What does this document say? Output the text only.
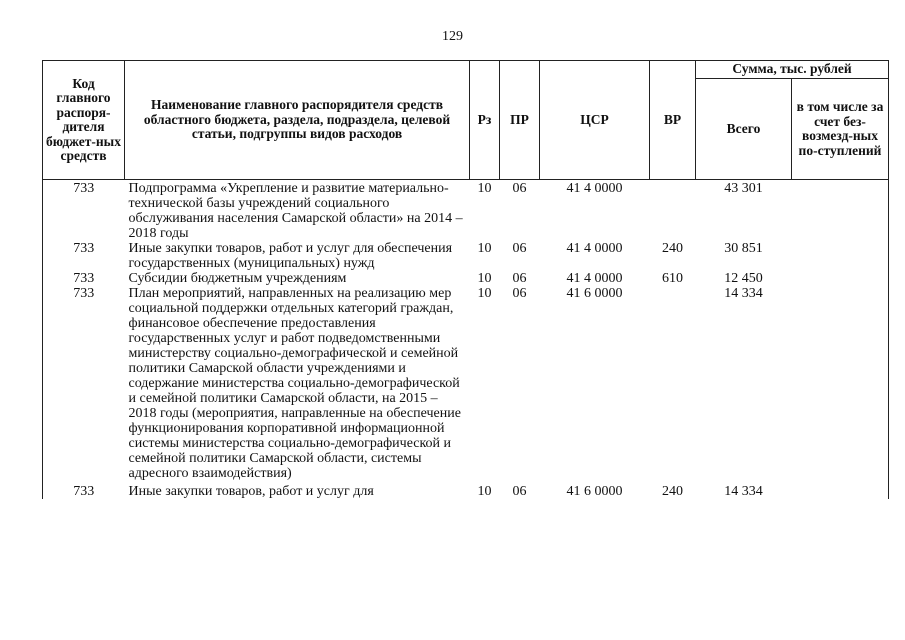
129
Код главного распоря-дителя бюджет-ных средств	Наименование главного распорядителя средств областного бюджета, раздела, подраздела, целевой статьи, подгруппы видов расходов	Рз	ПР	ЦСР	ВР	Сумма, тыс. рублей	
						Всего	в том числе за счет без-возмезд-ных по-ступлений
733	Подпрограмма «Укрепление и развитие материально-технической базы учреждений социального обслуживания населения Самарской области» на 2014 – 2018 годы	10	06	41 4 0000		43 301	
733	Иные закупки товаров, работ и услуг для обеспечения государственных (муниципальных) нужд	10	06	41 4 0000	240	30 851	
733	Субсидии бюджетным учреждениям	10	06	41 4 0000	610	12 450	
733	План мероприятий, направленных на реализацию мер социальной поддержки отдельных категорий граждан, финансовое обеспечение предоставления государственных услуг и работ подведомственными министерству социально-демографической и семейной политики Самарской области учреждениями и содержание министерства социально-демографической и семейной политики Самарской области, на 2015 – 2018 годы (мероприятия, направленные на обеспечение функционирования корпоративной информационной системы министерства социально-демографической и семейной политики Самарской области, системы адресного взаимодействия)	10	06	41 6 0000		14 334	
733	Иные закупки товаров, работ и услуг для	10	06	41 6 0000	240	14 334	
